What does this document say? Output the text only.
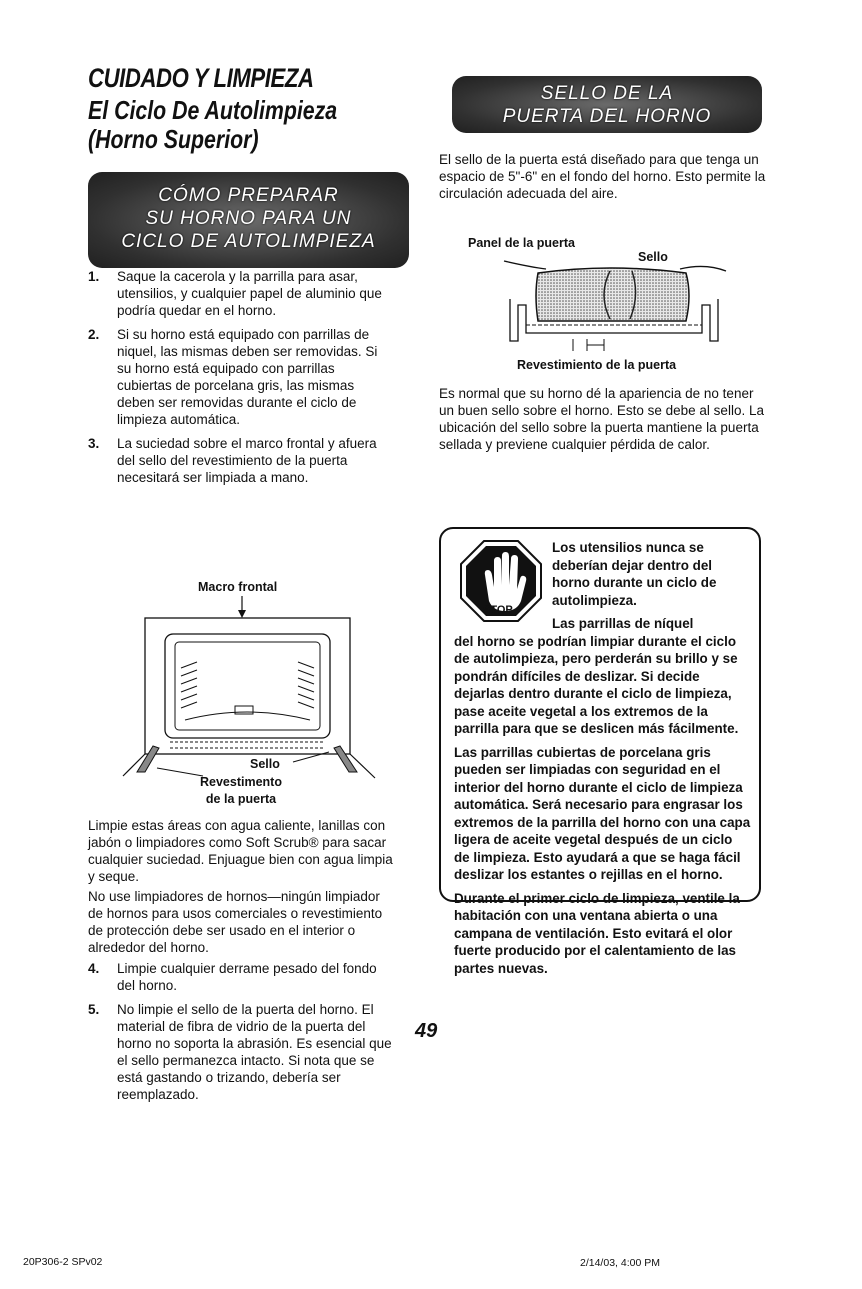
CUIDADO Y LIMPIEZA
El Ciclo De Autolimpieza
(Horno Superior)
CÓMO PREPARAR
SU HORNO PARA UN
CICLO DE AUTOLIMPIEZA
1. Saque la cacerola y la parrilla para asar, utensilios, y cualquier papel de aluminio que podría quedar en el horno.
2. Si su horno está equipado con parrillas de niquel, las mismas deben ser removidas. Si su horno está equipado con parrillas cubiertas de porcelana gris, las mismas deben ser removidas durante el ciclo de limpieza automática.
3. La suciedad sobre el marco frontal y afuera del sello del revestimiento de la puerta necesitará ser limpiada a mano.
Macro frontal
Sello
Revestimento
de la puerta
Limpie estas áreas con agua caliente, lanillas con jabón o limpiadores como Soft Scrub® para sacar cualquier suciedad. Enjuague bien con agua limpia y seque.
No use limpiadores de hornos—ningún limpiador de hornos para usos comerciales o revestimiento de protección debe ser usado en el interior o alrededor del horno.
4. Limpie cualquier derrame pesado del fondo del horno.
5. No limpie el sello de la puerta del horno. El material de fibra de vidrio de la puerta del horno no soporta la abrasión. Es esencial que el sello permanezca intacto. Si nota que se está gastando o trizando, debería ser reemplazado.
SELLO DE LA
PUERTA DEL HORNO
El sello de la puerta está diseñado para que tenga un espacio de 5"-6" en el fondo del horno. Esto permite la circulación adecuada del aire.
Panel de la puerta
Sello
Revestimiento de la puerta
Es normal que su horno dé la apariencia de no tener un buen sello sobre el horno. Esto se debe al sello. La ubicación del sello sobre la puerta mantiene la puerta sellada y previene cualquier pérdida de calor.
STOP

Los utensilios nunca se deberían dejar dentro del horno durante un ciclo de autolimpieza.

Las parrillas de níquel
del horno se podrían limpiar durante el ciclo de autolimpieza, pero perderán su brillo y se pondrán difíciles de deslizar. Si decide dejarlas dentro durante el ciclo de limpieza, pase aceite vegetal a los extremos de la parrilla para que se deslicen más fácilmente.

Las parrillas cubiertas de porcelana gris pueden ser limpiadas con seguridad en el interior del horno durante el ciclo de limpieza automática. Será necesario para engrasar los extremos de la parrilla del horno con una capa ligera de aceite vegetal después de un ciclo de limpieza. Esto ayudará a que se haga fácil deslizar los estantes o rejillas en el horno.

Durante el primer ciclo de limpieza, ventile la habitación con una ventana abierta o una campana de ventilación. Esto evitará el olor fuerte producido por el calentamiento de las partes nuevas.

49
20P306-2 SPv02	2/14/03, 4:00 PM
